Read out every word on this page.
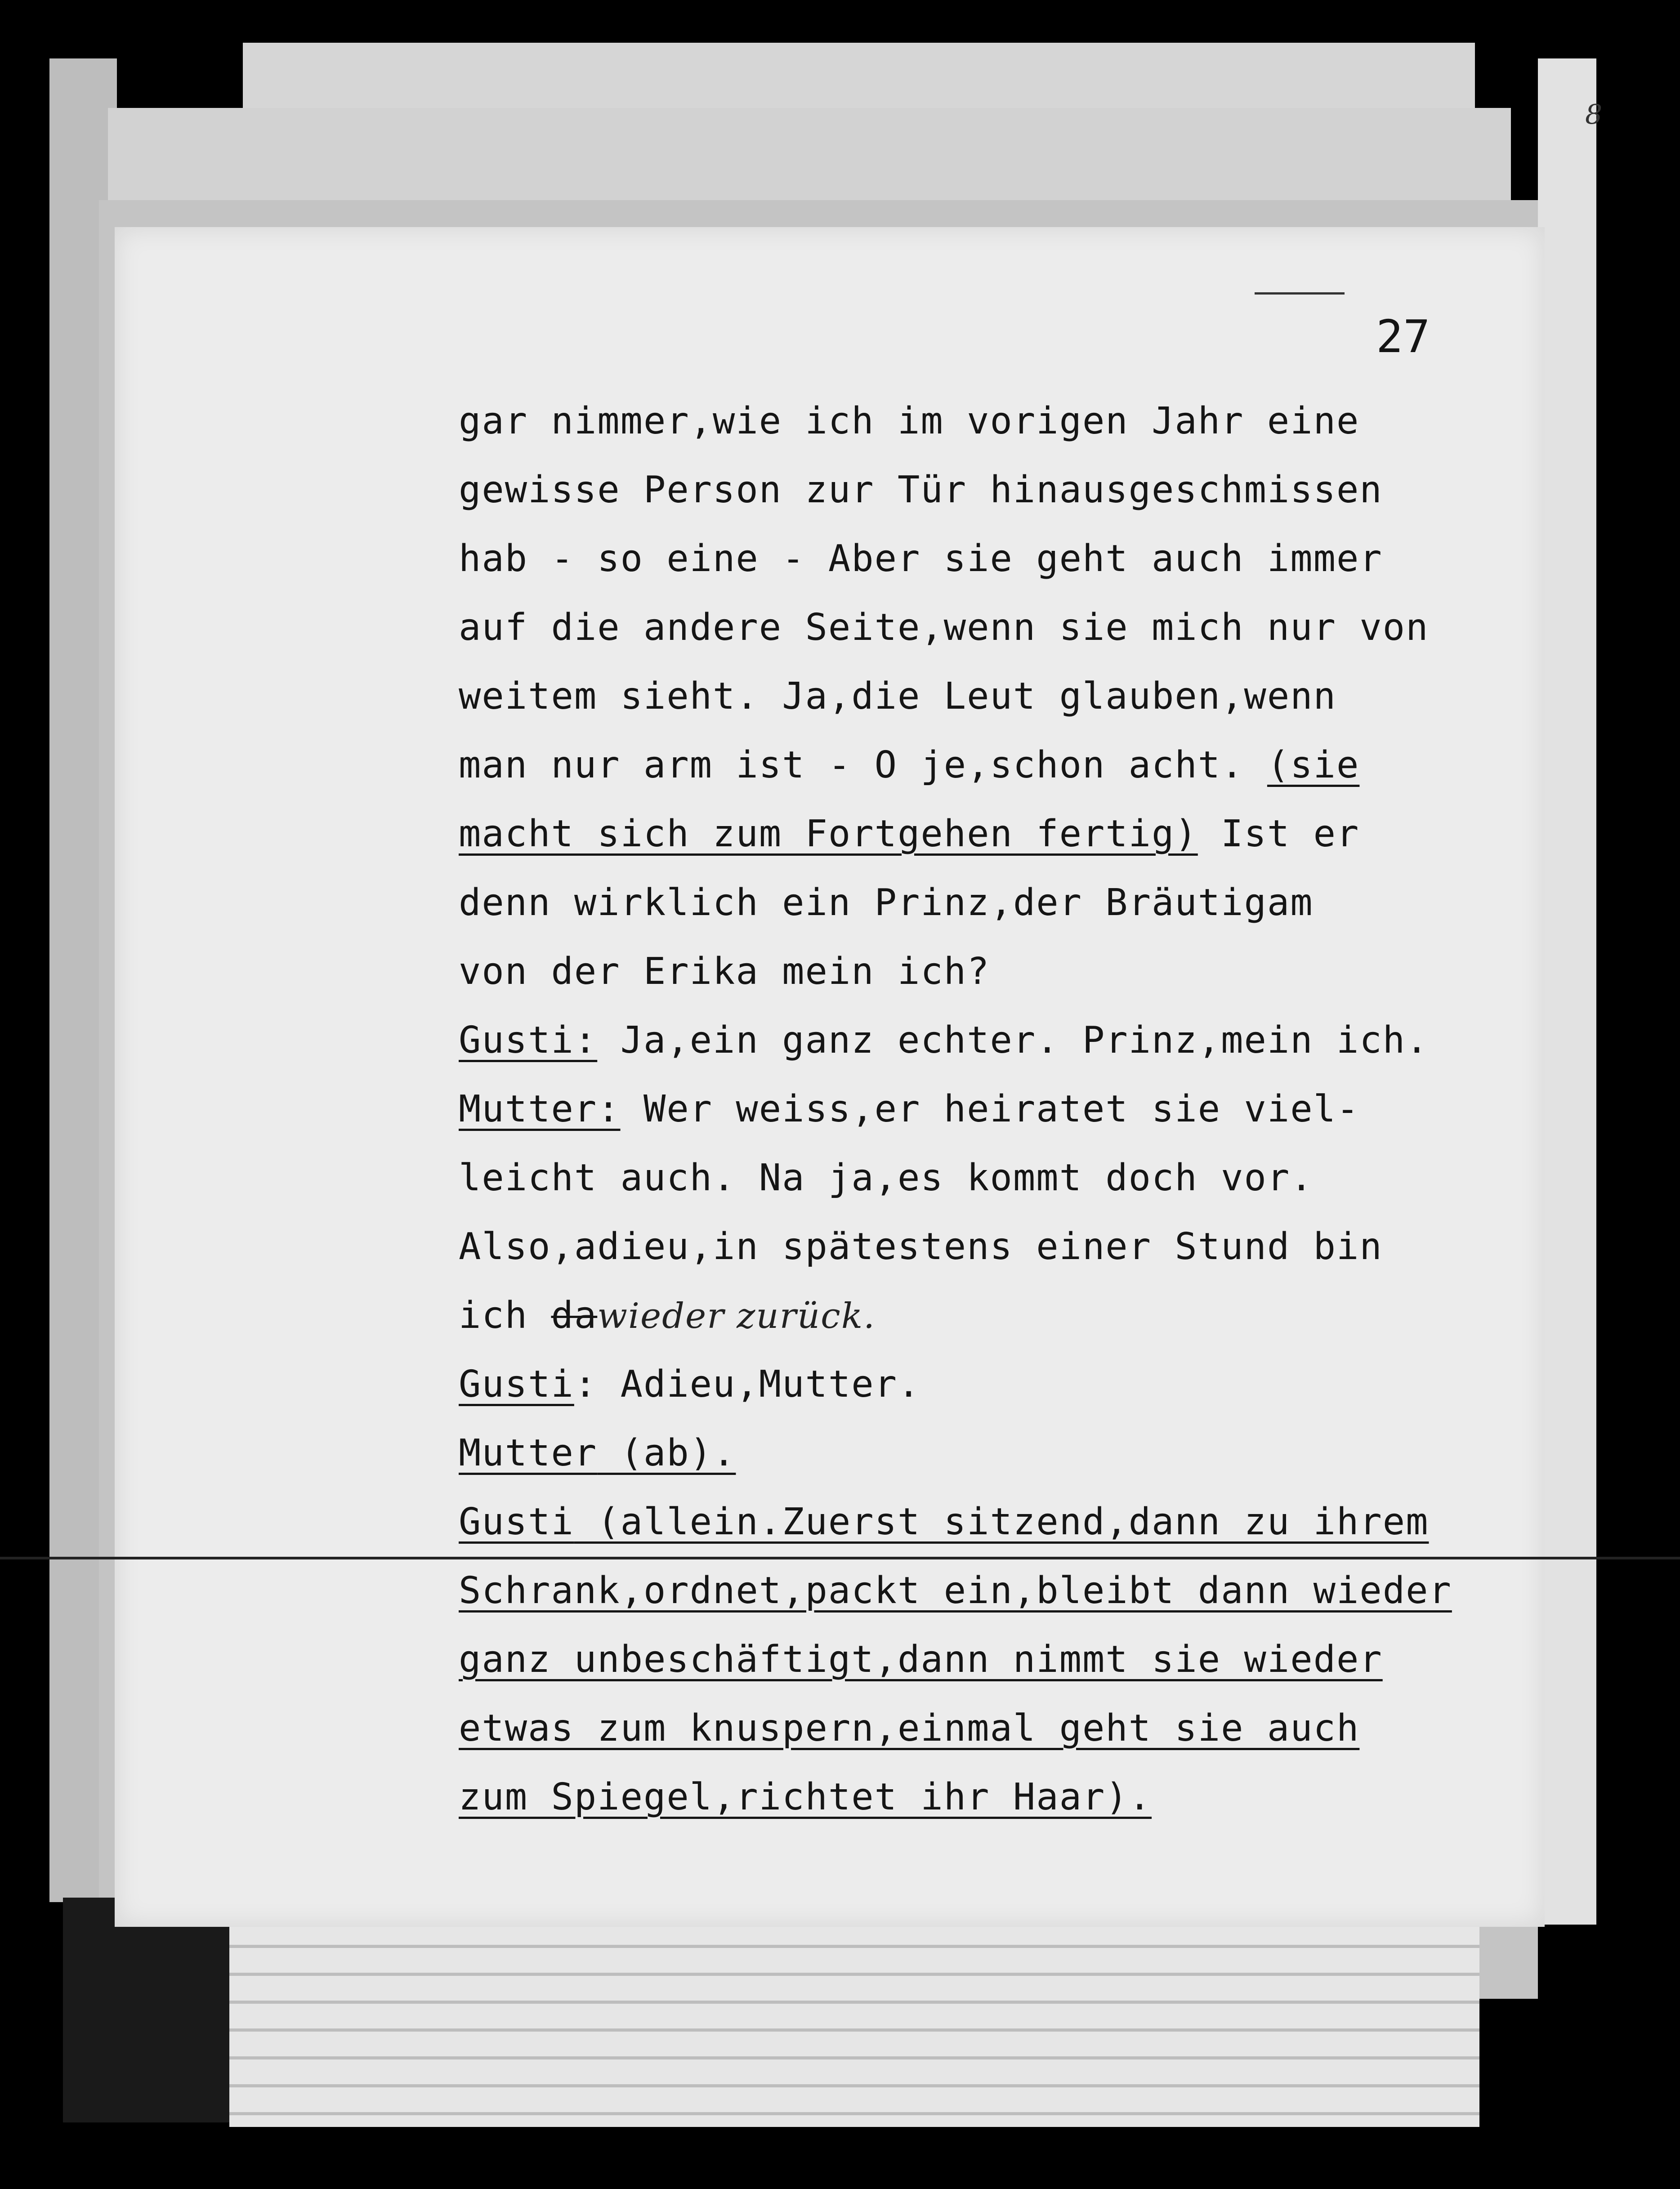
8
27
gar nimmer,wie ich im vorigen Jahr eine
gewisse Person zur Tür hinausgeschmissen
hab - so eine - Aber sie geht auch immer
auf die andere Seite,wenn sie mich nur von
weitem sieht. Ja,die Leut glauben,wenn
man nur arm ist - O je,schon acht. (sie
macht sich zum Fortgehen fertig) Ist er
denn wirklich ein Prinz,der Bräutigam
von der Erika mein ich?
Gusti: Ja,ein ganz echter. Prinz,mein ich.
Mutter: Wer weiss,er heiratet sie viel-
leicht auch. Na ja,es kommt doch vor.
Also,adieu,in spätestens einer Stund bin
ich dawieder zurück.
Gusti: Adieu,Mutter.
Mutter (ab).
Gusti (allein.Zuerst sitzend,dann zu ihrem
Schrank,ordnet,packt ein,bleibt dann wieder
ganz unbeschäftigt,dann nimmt sie wieder
etwas zum knuspern,einmal geht sie auch
zum Spiegel,richtet ihr Haar).
